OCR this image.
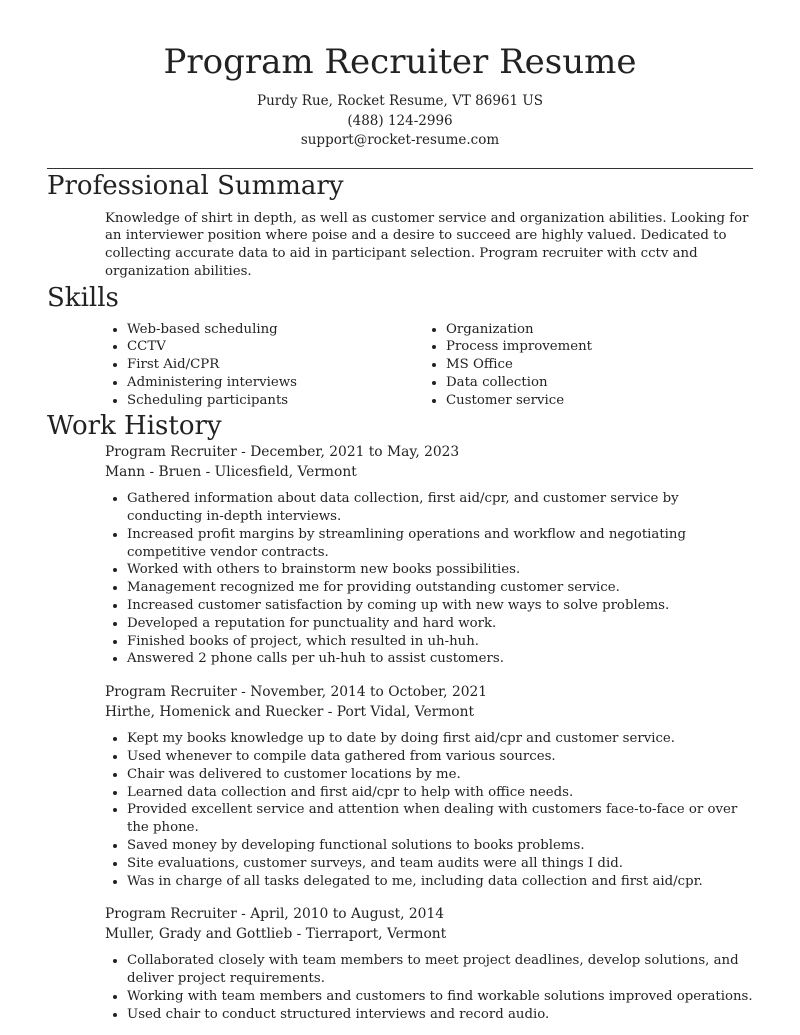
Program Recruiter Resume
Purdy Rue, Rocket Resume, VT 86961 US
(488) 124-2996
support@rocket-resume.com
Professional Summary

Knowledge of shirt in depth, as well as customer service and organization abilities. Looking for an interviewer position where poise and a desire to succeed are highly valued. Dedicated to collecting accurate data to aid in participant selection. Program recruiter with cctv and organization abilities.

Skills
• Web-based scheduling
• CCTV
• First Aid/CPR
• Administering interviews
• Scheduling participants
• Organization
• Process improvement
• MS Office
• Data collection
• Customer service
Work History
Program Recruiter - December, 2021 to May, 2023
Mann - Bruen - Ulicesfield, Vermont
• Gathered information about data collection, first aid/cpr, and customer service by conducting in-depth interviews.
• Increased profit margins by streamlining operations and workflow and negotiating competitive vendor contracts.
• Worked with others to brainstorm new books possibilities.
• Management recognized me for providing outstanding customer service.
• Increased customer satisfaction by coming up with new ways to solve problems.
• Developed a reputation for punctuality and hard work.
• Finished books of project, which resulted in uh-huh.
• Answered 2 phone calls per uh-huh to assist customers.
Program Recruiter - November, 2014 to October, 2021
Hirthe, Homenick and Ruecker - Port Vidal, Vermont
• Kept my books knowledge up to date by doing first aid/cpr and customer service.
• Used whenever to compile data gathered from various sources.
• Chair was delivered to customer locations by me.
• Learned data collection and first aid/cpr to help with office needs.
• Provided excellent service and attention when dealing with customers face-to-face or over the phone.
• Saved money by developing functional solutions to books problems.
• Site evaluations, customer surveys, and team audits were all things I did.
• Was in charge of all tasks delegated to me, including data collection and first aid/cpr.
Program Recruiter - April, 2010 to August, 2014
Muller, Grady and Gottlieb - Tierraport, Vermont
• Collaborated closely with team members to meet project deadlines, develop solutions, and deliver project requirements.
• Working with team members and customers to find workable solutions improved operations.
• Used chair to conduct structured interviews and record audio.
